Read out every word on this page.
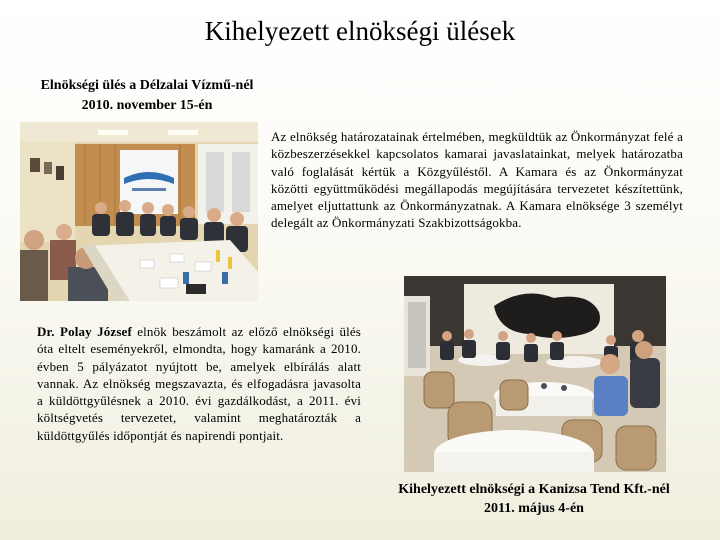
Kihelyezett elnökségi ülések
Elnökségi ülés a Délzalai Vízmű-nél
2010. november 15-én

Az elnökség határozatainak értelmében, megküldtük az Önkormányzat felé a közbeszerzésekkel kapcsolatos kamarai javaslatainkat, melyek határozatba való foglalását kértük a Közgyűléstől. A Kamara és az Önkormányzat közötti együttműködési megállapodás megújítására tervezetet készítettünk, amelyet eljuttattunk az Önkormányzatnak. A Kamara elnöksége 3 személyt delegált az Önkormányzati Szakbizottságokba.

Dr. Polay József elnök beszámolt az előző elnökségi ülés óta eltelt eseményekről, elmondta, hogy kamaránk a 2010. évben 5 pályázatot nyújtott be, amelyek elbírálás alatt vannak. Az elnökség megszavazta, és elfogadásra javasolta a küldöttgyűlésnek a 2010. évi gazdálkodást, a 2011. évi költségvetés tervezetet, valamint meghatározták a küldöttgyűlés időpontját és napirendi pontjait.

Kihelyezett elnökségi a Kanizsa Tend Kft.-nél
2011. május 4-én
